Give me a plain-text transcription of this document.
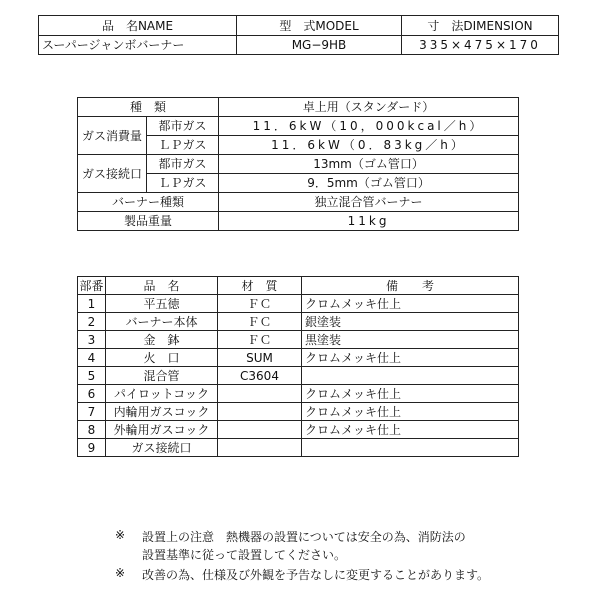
品　名NAME	型　式MODEL	寸　法DIMENSION
スーパージャンボバーナー	MG−9HB	335×475×170
種　類		卓上用（スタンダード）
ガス消費量	都市ガス	11．6kW（10，000kcal／h）
	ＬＰガス	11．6kW（0．83kg／h）
ガス接続口	都市ガス	13mm（ゴム管口）
	ＬＰガス	9．5mm（ゴム管口）
バーナー種類		独立混合管バーナー
製品重量		11kg
部番	品　名	材　質	備　　考
1	平五徳	ＦＣ	クロムメッキ仕上
2	バーナー本体	ＦＣ	銀塗装
3	金　鉢	ＦＣ	黒塗装
4	火　口	SUM	クロムメッキ仕上
5	混合管	C3604	
6	パイロットコック		クロムメッキ仕上
7	内輪用ガスコック		クロムメッキ仕上
8	外輪用ガスコック		クロムメッキ仕上
9	ガス接続口		
※ 設置上の注意　熱機器の設置については安全の為、消防法の
設置基準に従って設置してください。
※ 改善の為、仕様及び外観を予告なしに変更することがあります。
